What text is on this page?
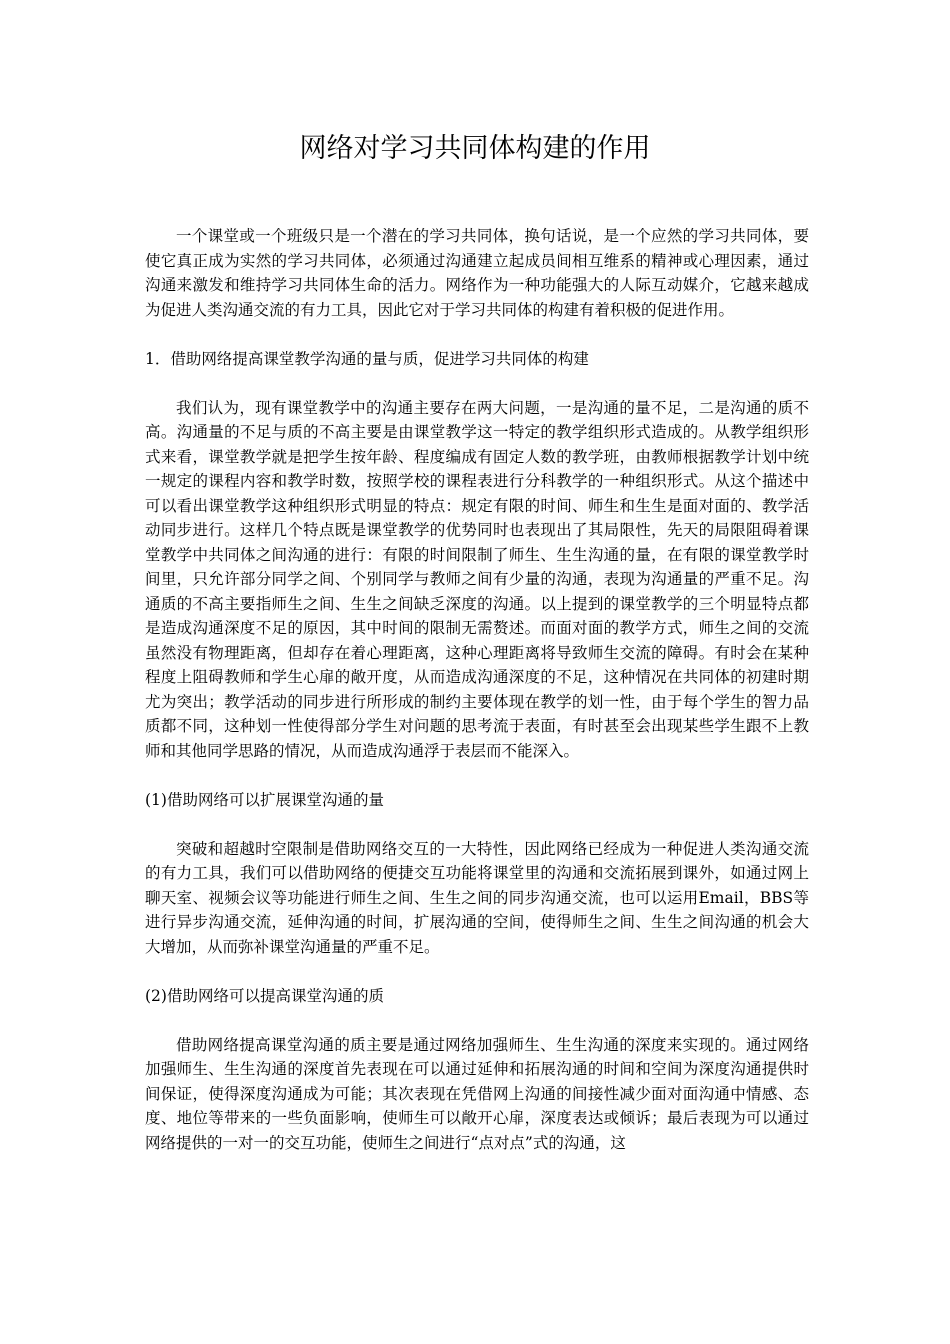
网络对学习共同体构建的作用

一个课堂或一个班级只是一个潜在的学习共同体，换句话说，是一个应然的学习共同体，要使它真正成为实然的学习共同体，必须通过沟通建立起成员间相互维系的精神或心理因素，通过沟通来激发和维持学习共同体生命的活力。网络作为一种功能强大的人际互动媒介，它越来越成为促进人类沟通交流的有力工具，因此它对于学习共同体的构建有着积极的促进作用。

1．借助网络提高课堂教学沟通的量与质，促进学习共同体的构建

我们认为，现有课堂教学中的沟通主要存在两大问题，一是沟通的量不足，二是沟通的质不高。沟通量的不足与质的不高主要是由课堂教学这一特定的教学组织形式造成的。从教学组织形式来看，课堂教学就是把学生按年龄、程度编成有固定人数的教学班，由教师根据教学计划中统一规定的课程内容和教学时数，按照学校的课程表进行分科教学的一种组织形式。从这个描述中可以看出课堂教学这种组织形式明显的特点：规定有限的时间、师生和生生是面对面的、教学活动同步进行。这样几个特点既是课堂教学的优势同时也表现出了其局限性，先天的局限阻碍着课堂教学中共同体之间沟通的进行：有限的时间限制了师生、生生沟通的量，在有限的课堂教学时间里，只允许部分同学之间、个别同学与教师之间有少量的沟通，表现为沟通量的严重不足。沟通质的不高主要指师生之间、生生之间缺乏深度的沟通。以上提到的课堂教学的三个明显特点都是造成沟通深度不足的原因，其中时间的限制无需赘述。而面对面的教学方式，师生之间的交流虽然没有物理距离，但却存在着心理距离，这种心理距离将导致师生交流的障碍。有时会在某种程度上阻碍教师和学生心扉的敞开度，从而造成沟通深度的不足，这种情况在共同体的初建时期尤为突出；教学活动的同步进行所形成的制约主要体现在教学的划一性，由于每个学生的智力品质都不同，这种划一性使得部分学生对问题的思考流于表面，有时甚至会出现某些学生跟不上教师和其他同学思路的情况，从而造成沟通浮于表层而不能深入。

(1)借助网络可以扩展课堂沟通的量

突破和超越时空限制是借助网络交互的一大特性，因此网络已经成为一种促进人类沟通交流的有力工具，我们可以借助网络的便捷交互功能将课堂里的沟通和交流拓展到课外，如通过网上聊天室、视频会议等功能进行师生之间、生生之间的同步沟通交流，也可以运用Email，BBS等进行异步沟通交流，延伸沟通的时间，扩展沟通的空间，使得师生之间、生生之间沟通的机会大大增加，从而弥补课堂沟通量的严重不足。

(2)借助网络可以提高课堂沟通的质

借助网络提高课堂沟通的质主要是通过网络加强师生、生生沟通的深度来实现的。通过网络加强师生、生生沟通的深度首先表现在可以通过延伸和拓展沟通的时间和空间为深度沟通提供时间保证，使得深度沟通成为可能；其次表现在凭借网上沟通的间接性减少面对面沟通中情感、态度、地位等带来的一些负面影响，使师生可以敞开心扉，深度表达或倾诉；最后表现为可以通过网络提供的一对一的交互功能，使师生之间进行“点对点”式的沟通，这
